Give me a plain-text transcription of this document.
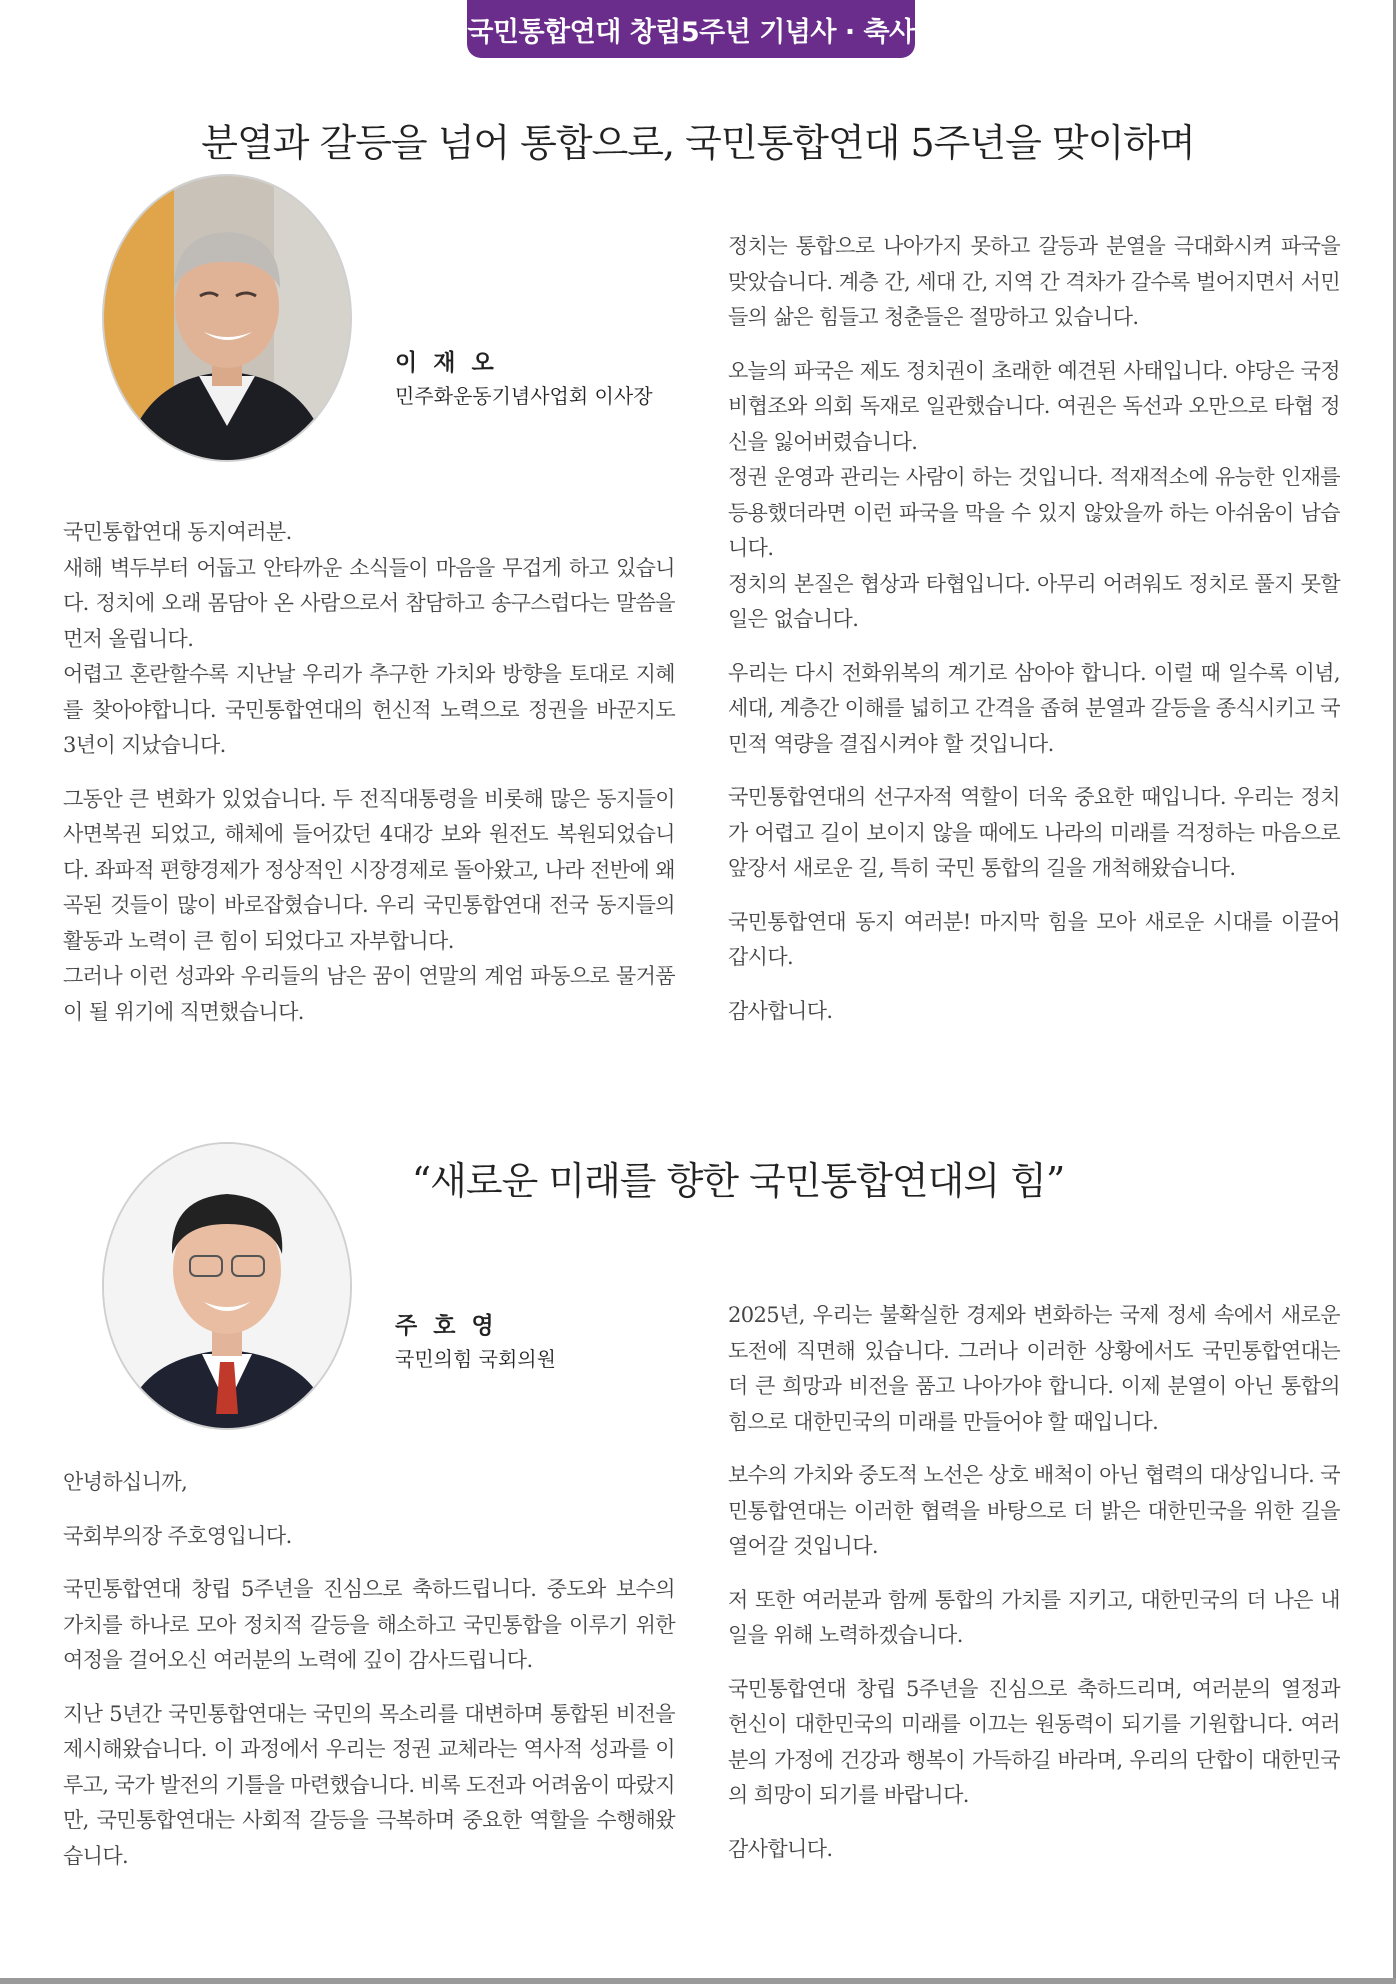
국민통합연대 창립5주년 기념사 · 축사
분열과 갈등을 넘어 통합으로, 국민통합연대 5주년을 맞이하며
이 재 오
민주화운동기념사업회 이사장

국민통합연대 동지여러분.

새해 벽두부터 어둡고 안타까운 소식들이 마음을 무겁게 하고 있습니다. 정치에 오래 몸담아 온 사람으로서 참담하고 송구스럽다는 말씀을 먼저 올립니다.

어렵고 혼란할수록 지난날 우리가 추구한 가치와 방향을 토대로 지혜를 찾아야합니다. 국민통합연대의 헌신적 노력으로 정권을 바꾼지도 3년이 지났습니다.

그동안 큰 변화가 있었습니다. 두 전직대통령을 비롯해 많은 동지들이 사면복권 되었고, 해체에 들어갔던 4대강 보와 원전도 복원되었습니다. 좌파적 편향경제가 정상적인 시장경제로 돌아왔고, 나라 전반에 왜곡된 것들이 많이 바로잡혔습니다. 우리 국민통합연대 전국 동지들의 활동과 노력이 큰 힘이 되었다고 자부합니다.

그러나 이런 성과와 우리들의 남은 꿈이 연말의 계엄 파동으로 물거품이 될 위기에 직면했습니다.

정치는 통합으로 나아가지 못하고 갈등과 분열을 극대화시켜 파국을 맞았습니다. 계층 간, 세대 간, 지역 간 격차가 갈수록 벌어지면서 서민들의 삶은 힘들고 청춘들은 절망하고 있습니다.

오늘의 파국은 제도 정치권이 초래한 예견된 사태입니다. 야당은 국정 비협조와 의회 독재로 일관했습니다. 여권은 독선과 오만으로 타협 정신을 잃어버렸습니다.

정권 운영과 관리는 사람이 하는 것입니다. 적재적소에 유능한 인재를 등용했더라면 이런 파국을 막을 수 있지 않았을까 하는 아쉬움이 남습니다.

정치의 본질은 협상과 타협입니다. 아무리 어려워도 정치로 풀지 못할 일은 없습니다.

우리는 다시 전화위복의 계기로 삼아야 합니다. 이럴 때 일수록 이념, 세대, 계층간 이해를 넓히고 간격을 좁혀 분열과 갈등을 종식시키고 국민적 역량을 결집시켜야 할 것입니다.

국민통합연대의 선구자적 역할이 더욱 중요한 때입니다. 우리는 정치가 어렵고 길이 보이지 않을 때에도 나라의 미래를 걱정하는 마음으로 앞장서 새로운 길, 특히 국민 통합의 길을 개척해왔습니다.

국민통합연대 동지 여러분! 마지막 힘을 모아 새로운 시대를 이끌어 갑시다.

감사합니다.

“새로운 미래를 향한 국민통합연대의 힘”
주 호 영
국민의힘 국회의원

안녕하십니까,

국회부의장 주호영입니다.

국민통합연대 창립 5주년을 진심으로 축하드립니다. 중도와 보수의 가치를 하나로 모아 정치적 갈등을 해소하고 국민통합을 이루기 위한 여정을 걸어오신 여러분의 노력에 깊이 감사드립니다.

지난 5년간 국민통합연대는 국민의 목소리를 대변하며 통합된 비전을 제시해왔습니다. 이 과정에서 우리는 정권 교체라는 역사적 성과를 이루고, 국가 발전의 기틀을 마련했습니다. 비록 도전과 어려움이 따랐지만, 국민통합연대는 사회적 갈등을 극복하며 중요한 역할을 수행해왔습니다.

2025년, 우리는 불확실한 경제와 변화하는 국제 정세 속에서 새로운 도전에 직면해 있습니다. 그러나 이러한 상황에서도 국민통합연대는 더 큰 희망과 비전을 품고 나아가야 합니다. 이제 분열이 아닌 통합의 힘으로 대한민국의 미래를 만들어야 할 때입니다.

보수의 가치와 중도적 노선은 상호 배척이 아닌 협력의 대상입니다. 국민통합연대는 이러한 협력을 바탕으로 더 밝은 대한민국을 위한 길을 열어갈 것입니다.

저 또한 여러분과 함께 통합의 가치를 지키고, 대한민국의 더 나은 내일을 위해 노력하겠습니다.

국민통합연대 창립 5주년을 진심으로 축하드리며, 여러분의 열정과 헌신이 대한민국의 미래를 이끄는 원동력이 되기를 기원합니다. 여러분의 가정에 건강과 행복이 가득하길 바라며, 우리의 단합이 대한민국의 희망이 되기를 바랍니다.

감사합니다.
